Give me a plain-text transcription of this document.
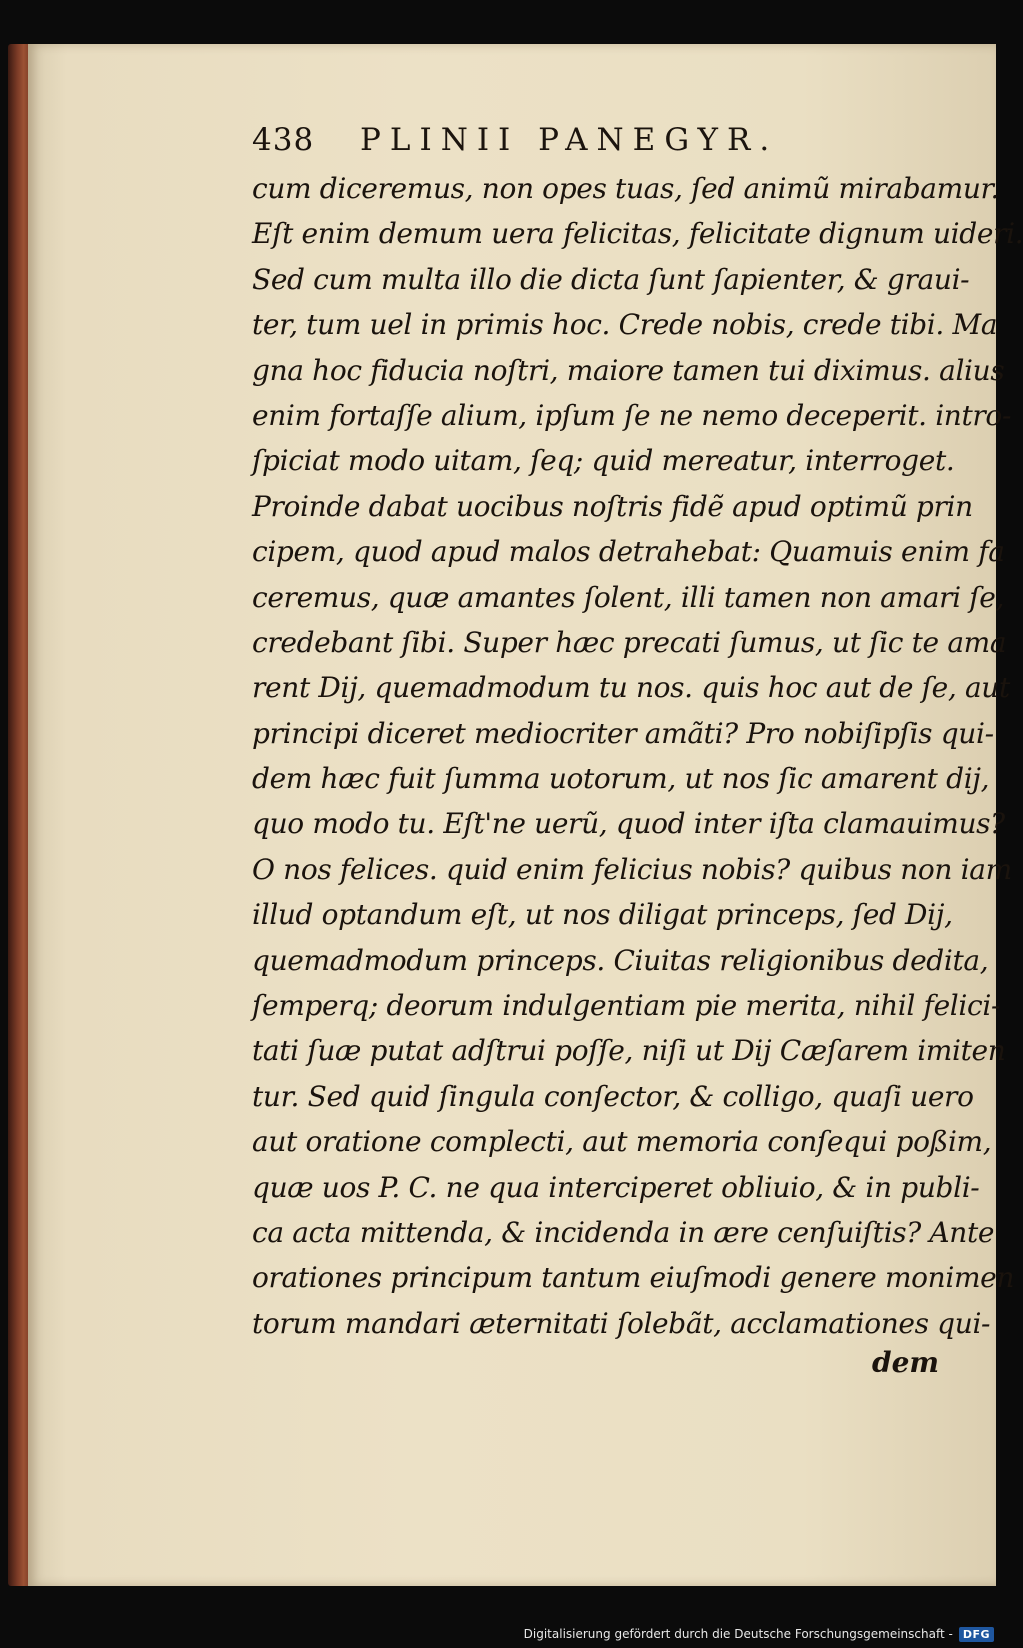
438 PLINII PANEGYR.
cum diceremus, non opes tuas, ſed animũ mirabamur.
Eſt enim demum uera felicitas, felicitate dignum uideri.
Sed cum multa illo die dicta ſunt ſapienter, & graui-
ter, tum uel in primis hoc. Crede nobis, crede tibi. Ma
gna hoc fiducia noſtri, maiore tamen tui diximus. alius
enim fortaſſe alium, ipſum ſe ne nemo deceperit. intro-
ſpiciat modo uitam, ſeq; quid mereatur, interroget.
Proinde dabat uocibus noſtris fidẽ apud optimũ prin
cipem, quod apud malos detrahebat: Quamuis enim fa
ceremus, quæ amantes ſolent, illi tamen non amari ſe,
credebant ſibi. Super hæc precati ſumus, ut ſic te ama
rent Dij, quemadmodum tu nos. quis hoc aut de ſe, aut
principi diceret mediocriter amãti? Pro nobiſipſis qui-
dem hæc fuit ſumma uotorum, ut nos ſic amarent dij,
quo modo tu. Eſt'ne uerũ, quod inter iſta clamauimus?
O nos felices. quid enim felicius nobis? quibus non iam
illud optandum eſt, ut nos diligat princeps, ſed Dij,
quemadmodum princeps. Ciuitas religionibus dedita,
ſemperq; deorum indulgentiam pie merita, nihil felici-
tati ſuæ putat adſtrui poſſe, niſi ut Dij Cæſarem imiten
tur. Sed quid ſingula conſector, & colligo, quaſi uero
aut oratione complecti, aut memoria conſequi poßim,
quæ uos P. C. ne qua interciperet obliuio, & in publi-
ca acta mittenda, & incidenda in ære cenſuiſtis? Ante
orationes principum tantum eiuſmodi genere monimen
torum mandari æternitati ſolebãt, acclamationes qui-
dem
Digitalisierung gefördert durch die Deutsche Forschungsgemeinschaft - DFG
